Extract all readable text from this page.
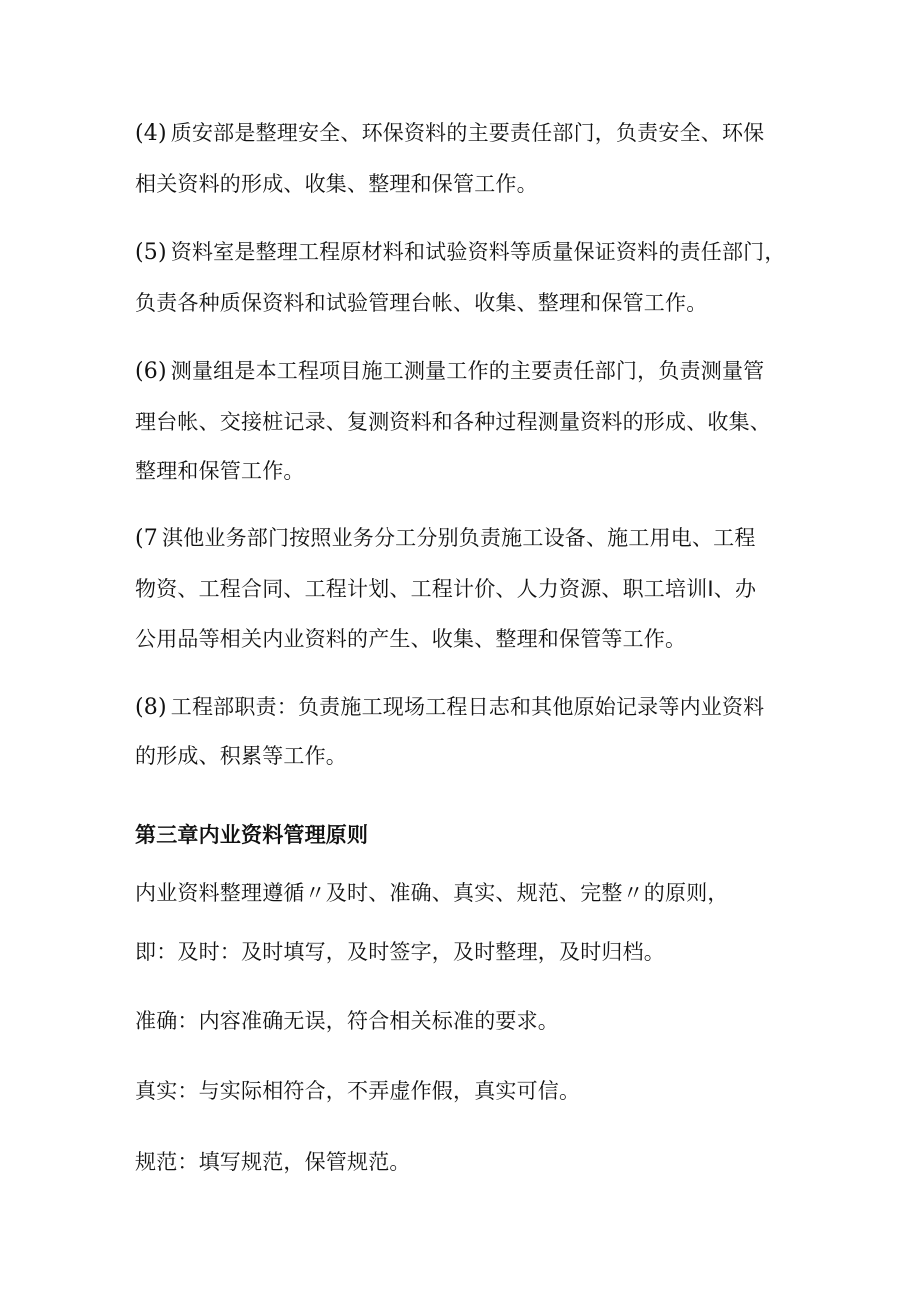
(4) 质安部是整理安全、环保资料的主要责任部门，负责安全、环保
相关资料的形成、收集、整理和保管工作。
(5) 资料室是整理工程原材料和试验资料等质量保证资料的责任部门，
负责各种质保资料和试验管理台帐、收集、整理和保管工作。
(6) 测量组是本工程项目施工测量工作的主要责任部门，负责测量管
理台帐、交接桩记录、复测资料和各种过程测量资料的形成、收集、
整理和保管工作。
(7 淇他业务部门按照业务分工分别负责施工设备、施工用电、工程
物资、工程合同、工程计划、工程计价、人力资源、职工培训Ⅰ、办
公用品等相关内业资料的产生、收集、整理和保管等工作。
(8) 工程部职责：负责施工现场工程日志和其他原始记录等内业资料
的形成、积累等工作。
第三章内业资料管理原则
内业资料整理遵循〃及时、准确、真实、规范、完整〃的原则，
即：及时：及时填写，及时签字，及时整理，及时归档。
准确：内容准确无误，符合相关标准的要求。
真实：与实际相符合，不弄虚作假，真实可信。
规范：填写规范，保管规范。
